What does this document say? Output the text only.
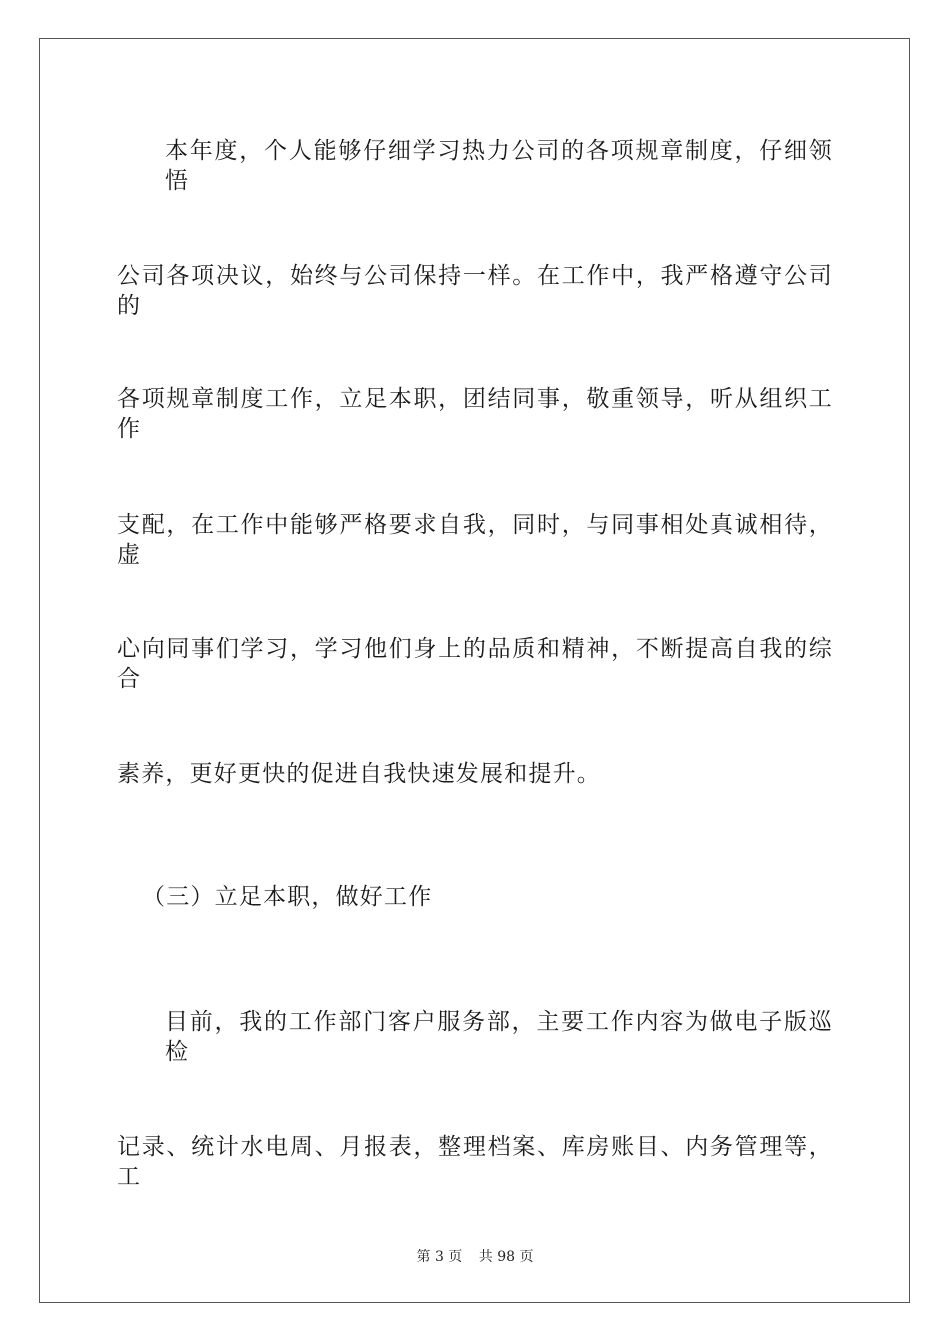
本年度，个人能够仔细学习热力公司的各项规章制度，仔细领悟
公司各项决议，始终与公司保持一样。在工作中，我严格遵守公司的
各项规章制度工作，立足本职，团结同事，敬重领导，听从组织工作
支配，在工作中能够严格要求自我，同时，与同事相处真诚相待，虚
心向同事们学习，学习他们身上的品质和精神，不断提高自我的综合
素养，更好更快的促进自我快速发展和提升。
（三）立足本职，做好工作
目前，我的工作部门客户服务部，主要工作内容为做电子版巡检
记录、统计水电周、月报表，整理档案、库房账目、内务管理等，工
第 3 页 共 98 页
